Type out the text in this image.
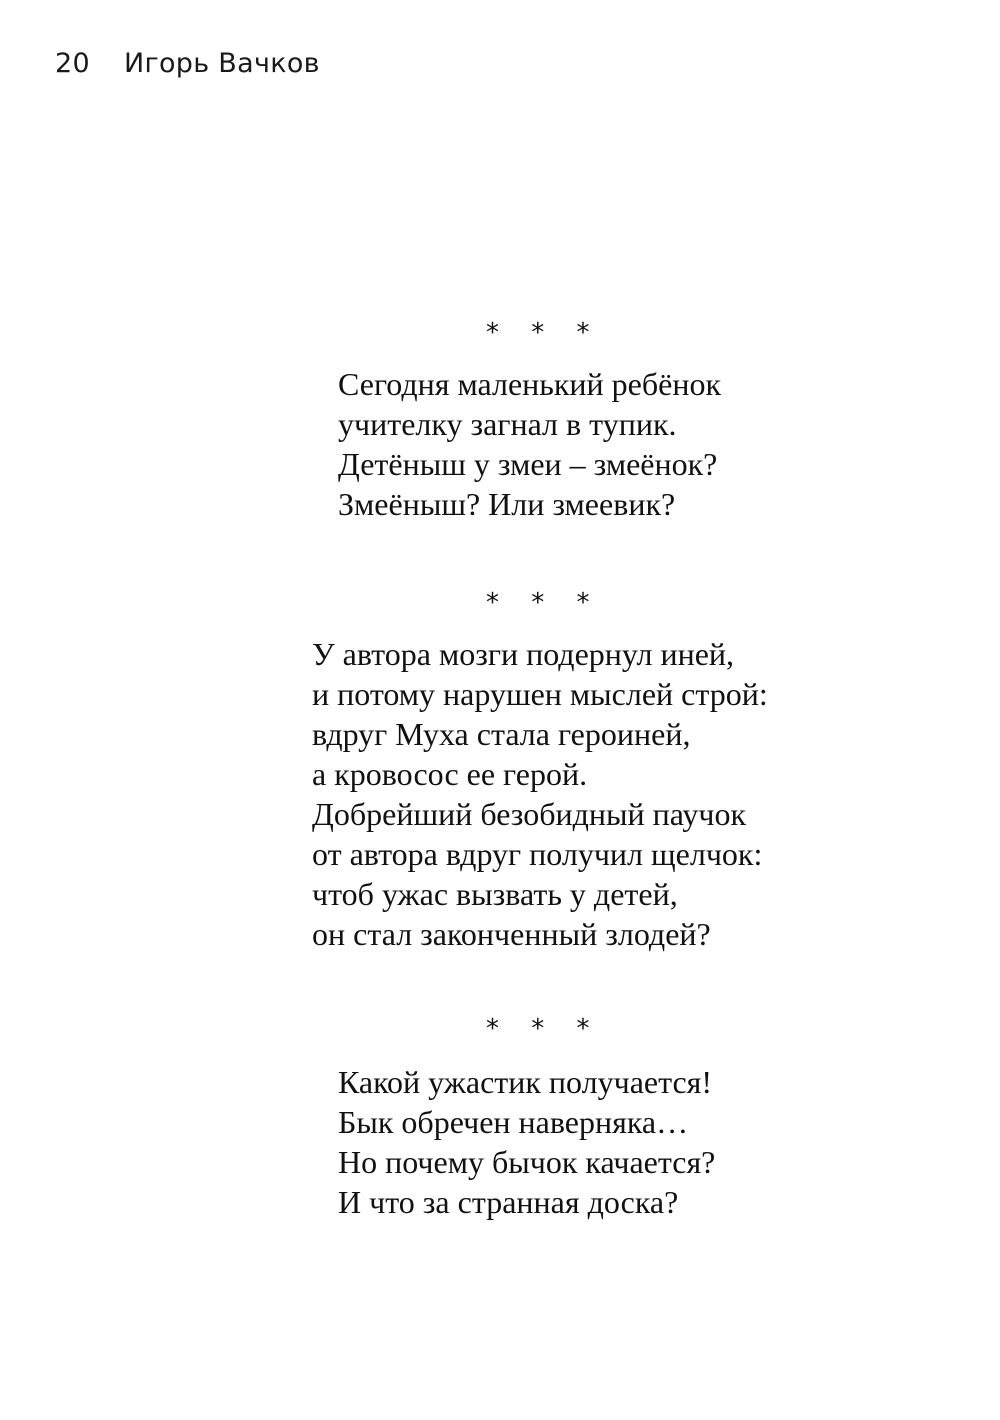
20 Игорь Вачков
* * *
Сегодня маленький ребёнок
учителку загнал в тупик.
Детёныш у змеи – змеёнок?
Змеёныш? Или змеевик?
* * *
У автора мозги подернул иней,
и потому нарушен мыслей строй:
вдруг Муха стала героиней,
а кровосос ее герой.
Добрейший безобидный паучок
от автора вдруг получил щелчок:
чтоб ужас вызвать у детей,
он стал законченный злодей?
* * *
Какой ужастик получается!
Бык обречен наверняка…
Но почему бычок качается?
И что за странная доска?
